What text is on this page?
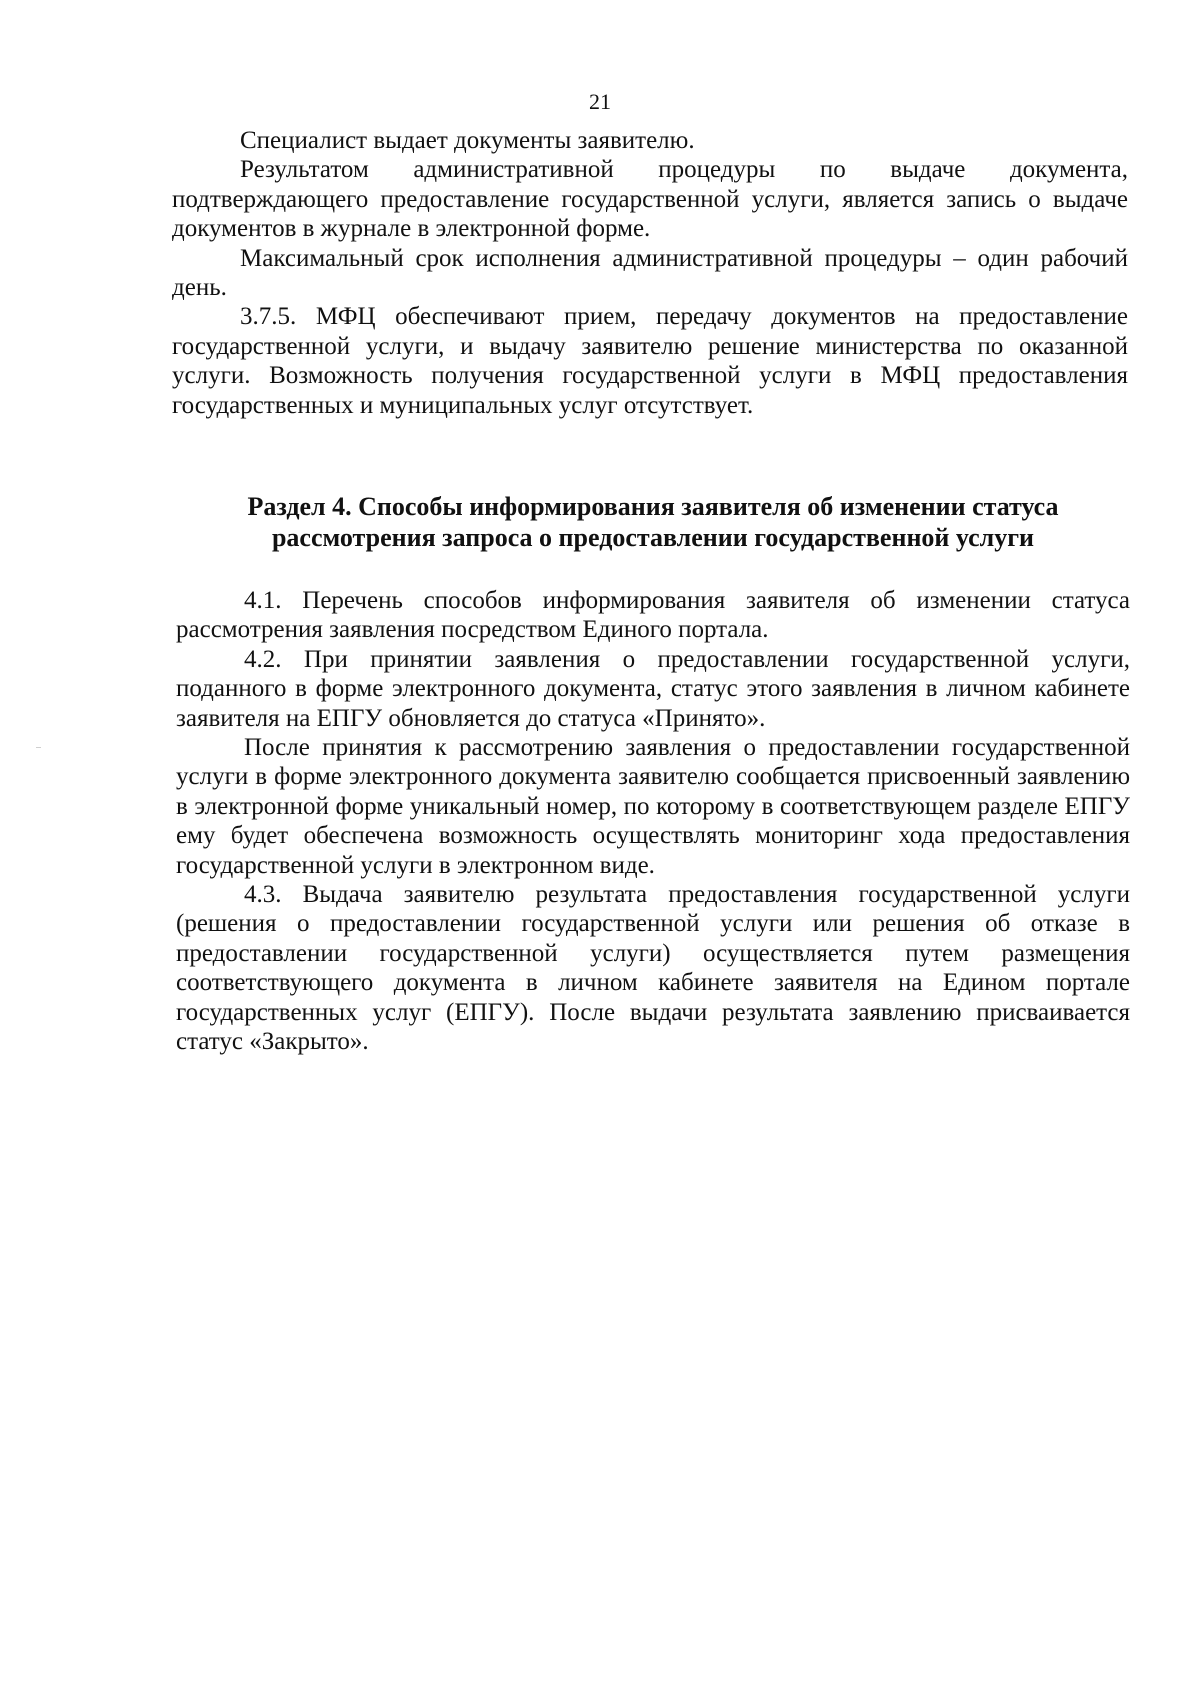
21

Специалист выдает документы заявителю.

Результатом административной процедуры по выдаче документа, подтверждающего предоставление государственной услуги, является запись о выдаче документов в журнале в электронной форме.

Максимальный срок исполнения административной процедуры – один рабочий день.

3.7.5. МФЦ обеспечивают прием, передачу документов на предоставление государственной услуги, и выдачу заявителю решение министерства по оказанной услуги. Возможность получения государственной услуги в МФЦ предоставления государственных и муниципальных услуг отсутствует.

Раздел 4. Способы информирования заявителя об изменении статуса
рассмотрения запроса о предоставлении государственной услуги

4.1. Перечень способов информирования заявителя об изменении статуса рассмотрения заявления посредством Единого портала.

4.2. При принятии заявления о предоставлении государственной услуги, поданного в форме электронного документа, статус этого заявления в личном кабинете заявителя на ЕПГУ обновляется до статуса «Принято».

После принятия к рассмотрению заявления о предоставлении государственной услуги в форме электронного документа заявителю сообщается присвоенный заявлению в электронной форме уникальный номер, по которому в соответствующем разделе ЕПГУ ему будет обеспечена возможность осуществлять мониторинг хода предоставления государственной услуги в электронном виде.

4.3. Выдача заявителю результата предоставления государственной услуги (решения о предоставлении государственной услуги или решения об отказе в предоставлении государственной услуги) осуществляется путем размещения соответствующего документа в личном кабинете заявителя на Едином портале государственных услуг (ЕПГУ). После выдачи результата заявлению присваивается статус «Закрыто».
